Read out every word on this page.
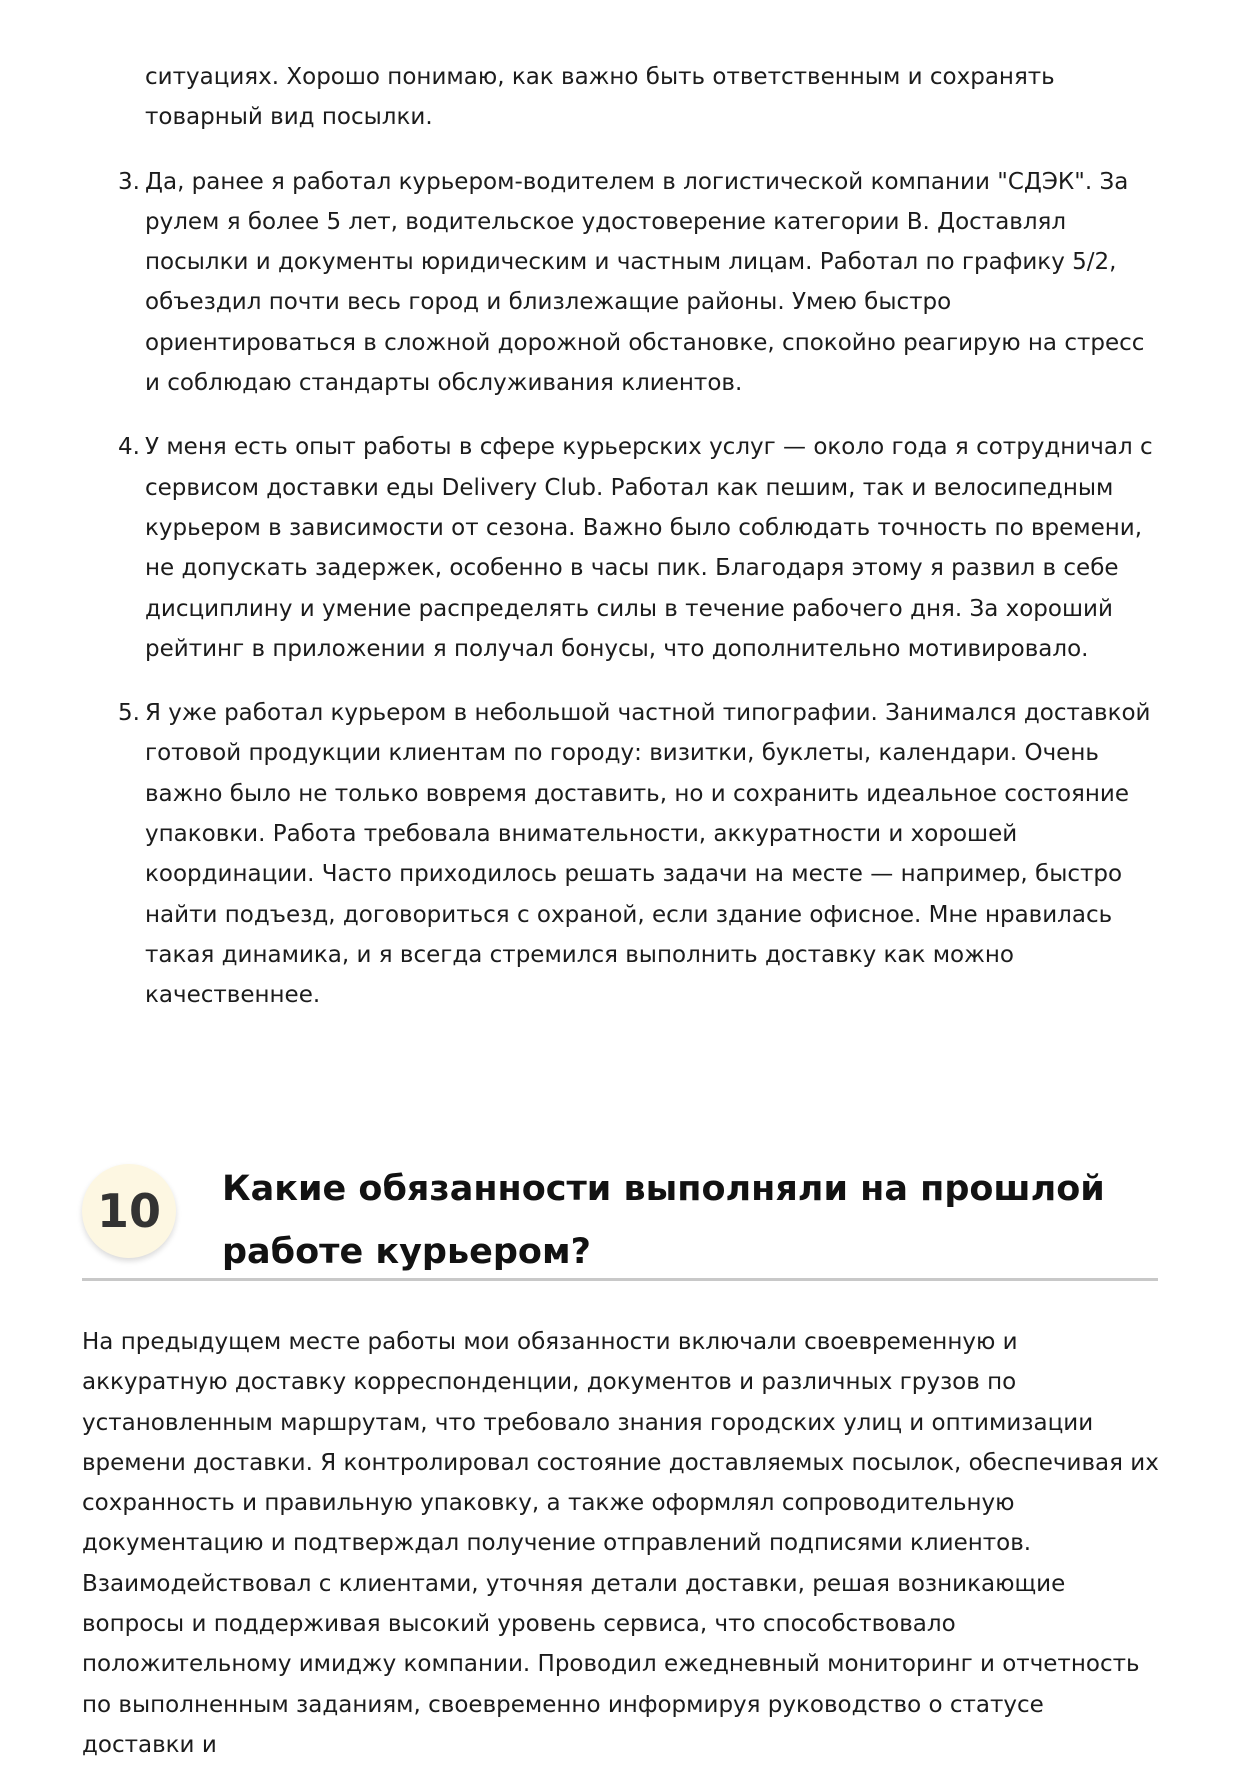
ситуациях. Хорошо понимаю, как важно быть ответственным и сохранять товарный вид посылки.
3. Да, ранее я работал курьером-водителем в логистической компании "СДЭК". За рулем я более 5 лет, водительское удостоверение категории B. Доставлял посылки и документы юридическим и частным лицам. Работал по графику 5/2, объездил почти весь город и близлежащие районы. Умею быстро ориентироваться в сложной дорожной обстановке, спокойно реагирую на стресс и соблюдаю стандарты обслуживания клиентов.
4. У меня есть опыт работы в сфере курьерских услуг — около года я сотрудничал с сервисом доставки еды Delivery Club. Работал как пешим, так и велосипедным курьером в зависимости от сезона. Важно было соблюдать точность по времени, не допускать задержек, особенно в часы пик. Благодаря этому я развил в себе дисциплину и умение распределять силы в течение рабочего дня. За хороший рейтинг в приложении я получал бонусы, что дополнительно мотивировало.
5. Я уже работал курьером в небольшой частной типографии. Занимался доставкой готовой продукции клиентам по городу: визитки, буклеты, календари. Очень важно было не только вовремя доставить, но и сохранить идеальное состояние упаковки. Работа требовала внимательности, аккуратности и хорошей координации. Часто приходилось решать задачи на месте — например, быстро найти подъезд, договориться с охраной, если здание офисное. Мне нравилась такая динамика, и я всегда стремился выполнить доставку как можно качественнее.
10	Какие обязанности выполняли на прошлой работе курьером?

На предыдущем месте работы мои обязанности включали своевременную и аккуратную доставку корреспонденции, документов и различных грузов по установленным маршрутам, что требовало знания городских улиц и оптимизации времени доставки. Я контролировал состояние доставляемых посылок, обеспечивая их сохранность и правильную упаковку, а также оформлял сопроводительную документацию и подтверждал получение отправлений подписями клиентов. Взаимодействовал с клиентами, уточняя детали доставки, решая возникающие вопросы и поддерживая высокий уровень сервиса, что способствовало положительному имиджу компании. Проводил ежедневный мониторинг и отчетность по выполненным заданиям, своевременно информируя руководство о статусе доставки и
